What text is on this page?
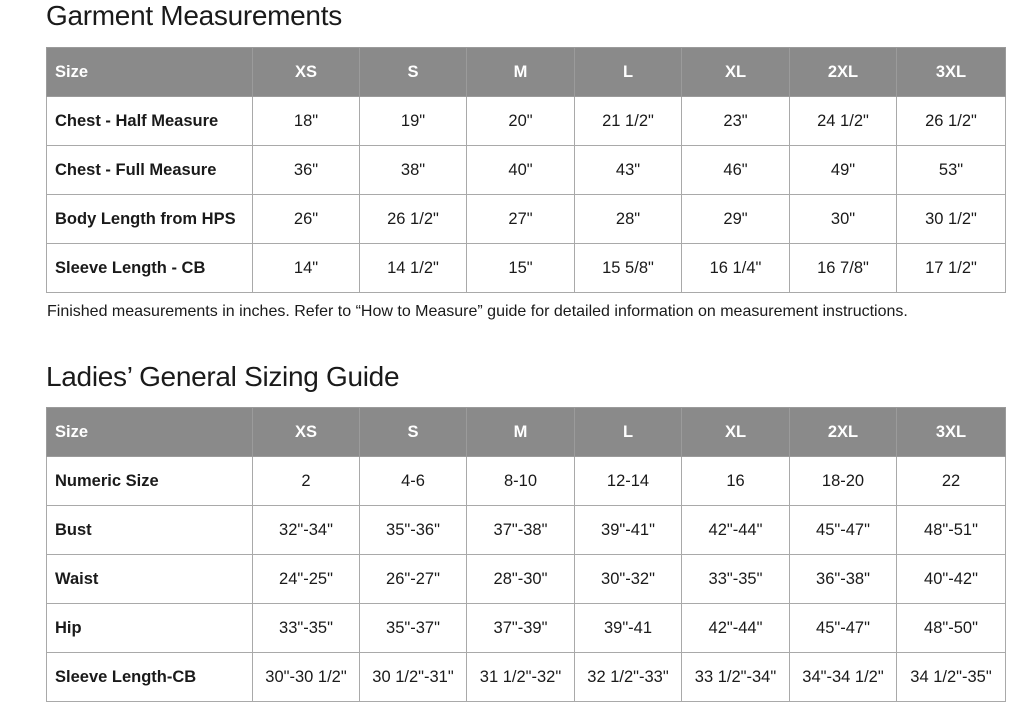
Garment Measurements
Size	XS	S	M	L	XL	2XL	3XL
Chest - Half Measure	18"	19"	20"	21 1/2"	23"	24 1/2"	26 1/2"
Chest - Full Measure	36"	38"	40"	43"	46"	49"	53"
Body Length from HPS	26"	26 1/2"	27"	28"	29"	30"	30 1/2"
Sleeve Length - CB	14"	14 1/2"	15"	15 5/8"	16 1/4"	16 7/8"	17 1/2"

Finished measurements in inches. Refer to “How to Measure” guide for detailed information on measurement instructions.

Ladies’ General Sizing Guide
Size	XS	S	M	L	XL	2XL	3XL
Numeric Size	2	4-6	8-10	12-14	16	18-20	22
Bust	32"-34"	35"-36"	37"-38"	39"-41"	42"-44"	45"-47"	48"-51"
Waist	24"-25"	26"-27"	28"-30"	30"-32"	33"-35"	36"-38"	40"-42"
Hip	33"-35"	35"-37"	37"-39"	39"-41	42"-44"	45"-47"	48"-50"
Sleeve Length-CB	30"-30 1/2"	30 1/2"-31"	31 1/2"-32"	32 1/2"-33"	33 1/2"-34"	34"-34 1/2"	34 1/2"-35"
